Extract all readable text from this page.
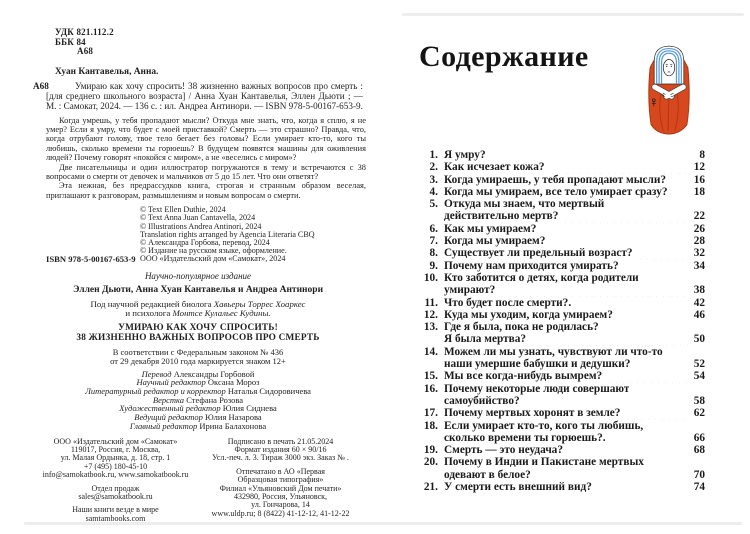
УДК 821.112.2
ББК 84
А68
Хуан Кантавелья, Анна.
А68	Умираю как хочу спросить! 38 жизненно важных вопросов про смерть : [для среднего школьного возраста] / Анна Хуан Кантавелья, Эллен Дьюти ; — М. : Самокат, 2024. — 136 с. : ил. Андреа Антинори. — ISBN 978-5-00167-653-9.
Когда умрешь, у тебя пропадают мысли? Откуда мне знать, что, когда я сплю, я не умер? Если я умру, что будет с моей приставкой? Смерть — это страшно? Правда, что, когда отрубают голову, твое тело бегает без головы? Если умирает кто-то, кого ты любишь, сколько времени ты горюешь? В будущем появятся машины для оживления людей? Почему говорят «покойся с миром», а не «веселись с миром»?
Две писательницы и один иллюстратор погружаются в тему и встречаются с 38 вопросами о смерти от девочек и мальчиков от 5 до 15 лет. Что они ответят?
Эта нежная, без предрассудков книга, строгая и странным образом веселая, приглашают к разговорам, размышлениям и новым вопросам о смерти.
ISBN 978-5-00167-653-9
© Text Ellen Duthie, 2024
© Text Anna Juan Cantavella, 2024
© Illustrations Andrea Antinori, 2024
Translation rights arranged by Agencia Literaria CBQ
© Александра Горбова, перевод, 2024
© Издание на русском языке, оформление.
ООО «Издательский дом «Самокат», 2024
Научно-популярное издание
Эллен Дьюти, Анна Хуан Кантавелья и Андреа Антинори
Под научной редакцией биолога Хавьеры Торрес Хоаркес
и психолога Монтсе Кулальес Кудины.
УМИРАЮ КАК ХОЧУ СПРОСИТЬ!
38 ЖИЗНЕННО ВАЖНЫХ ВОПРОСОВ ПРО СМЕРТЬ
В соответствии с Федеральным законом № 436
от 29 декабря 2010 года маркируется знаком 12+
Перевод Александры Горбовой
Научный редактор Оксана Мороз
Литературный редактор и корректор Наталья Сидоровичева
Верстка Стефана Розова
Художественный редактор Юлия Сиднева
Ведущий редактор Юлия Назарова
Главный редактор Ирина Балахонова
ООО «Издательский дом «Самокат»
119017, Россия, г. Москва,
ул. Малая Ордынка, д. 18, стр. 1
+7 (495) 180-45-10
info@samokatbook.ru, www.samokatbook.ru
Отдел продаж
sales@samokatbook.ru
Наши книги везде в мире
samtambooks.com
Подписано в печать 21.05.2024
Формат издания 60 × 90/16
Усл.-печ. л. 3. Тираж 3000 экз. Заказ № .
Отпечатано в АО «Первая
Образцовая типография»
Филиал «Ульяновский Дом печати»
432980, Россия, Ульяновск,
ул. Гончарова, 14
www.uldp.ru; 8 (8422) 41-12-12, 41-12-22
Содержание
1. Я умру?	8
2. Как исчезает кожа?	12
3. Когда умираешь, у тебя пропадают мысли? 16
4. Когда мы умираем, все тело умирает сразу? 18
5. Откуда мы знаем, что мертвый
действительно мертв?	22
6. Как мы умираем?	26
7. Когда мы умираем?	28
8. Существует ли предельный возраст?	32
9. Почему нам приходится умирать?	34
10. Кто заботится о детях, когда родители
умирают?	38
11. Что будет после смерти?.	42
12. Куда мы уходим, когда умираем?	46
13. Где я была, пока не родилась?
Я была мертва?	50
14. Можем ли мы узнать, чувствуют ли что-то
наши умершие бабушки и дедушки?	52
15. Мы все когда-нибудь вымрем?	54
16. Почему некоторые люди совершают
самоубийство?	58
17. Почему мертвых хоронят в земле?	62
18. Если умирает кто-то, кого ты любишь,
сколько времени ты горюешь?.	66
19. Смерть — это неудача?	68
20. Почему в Индии и Пакистане мертвых
одевают в белое?	70
21. У смерти есть внешний вид?	74
